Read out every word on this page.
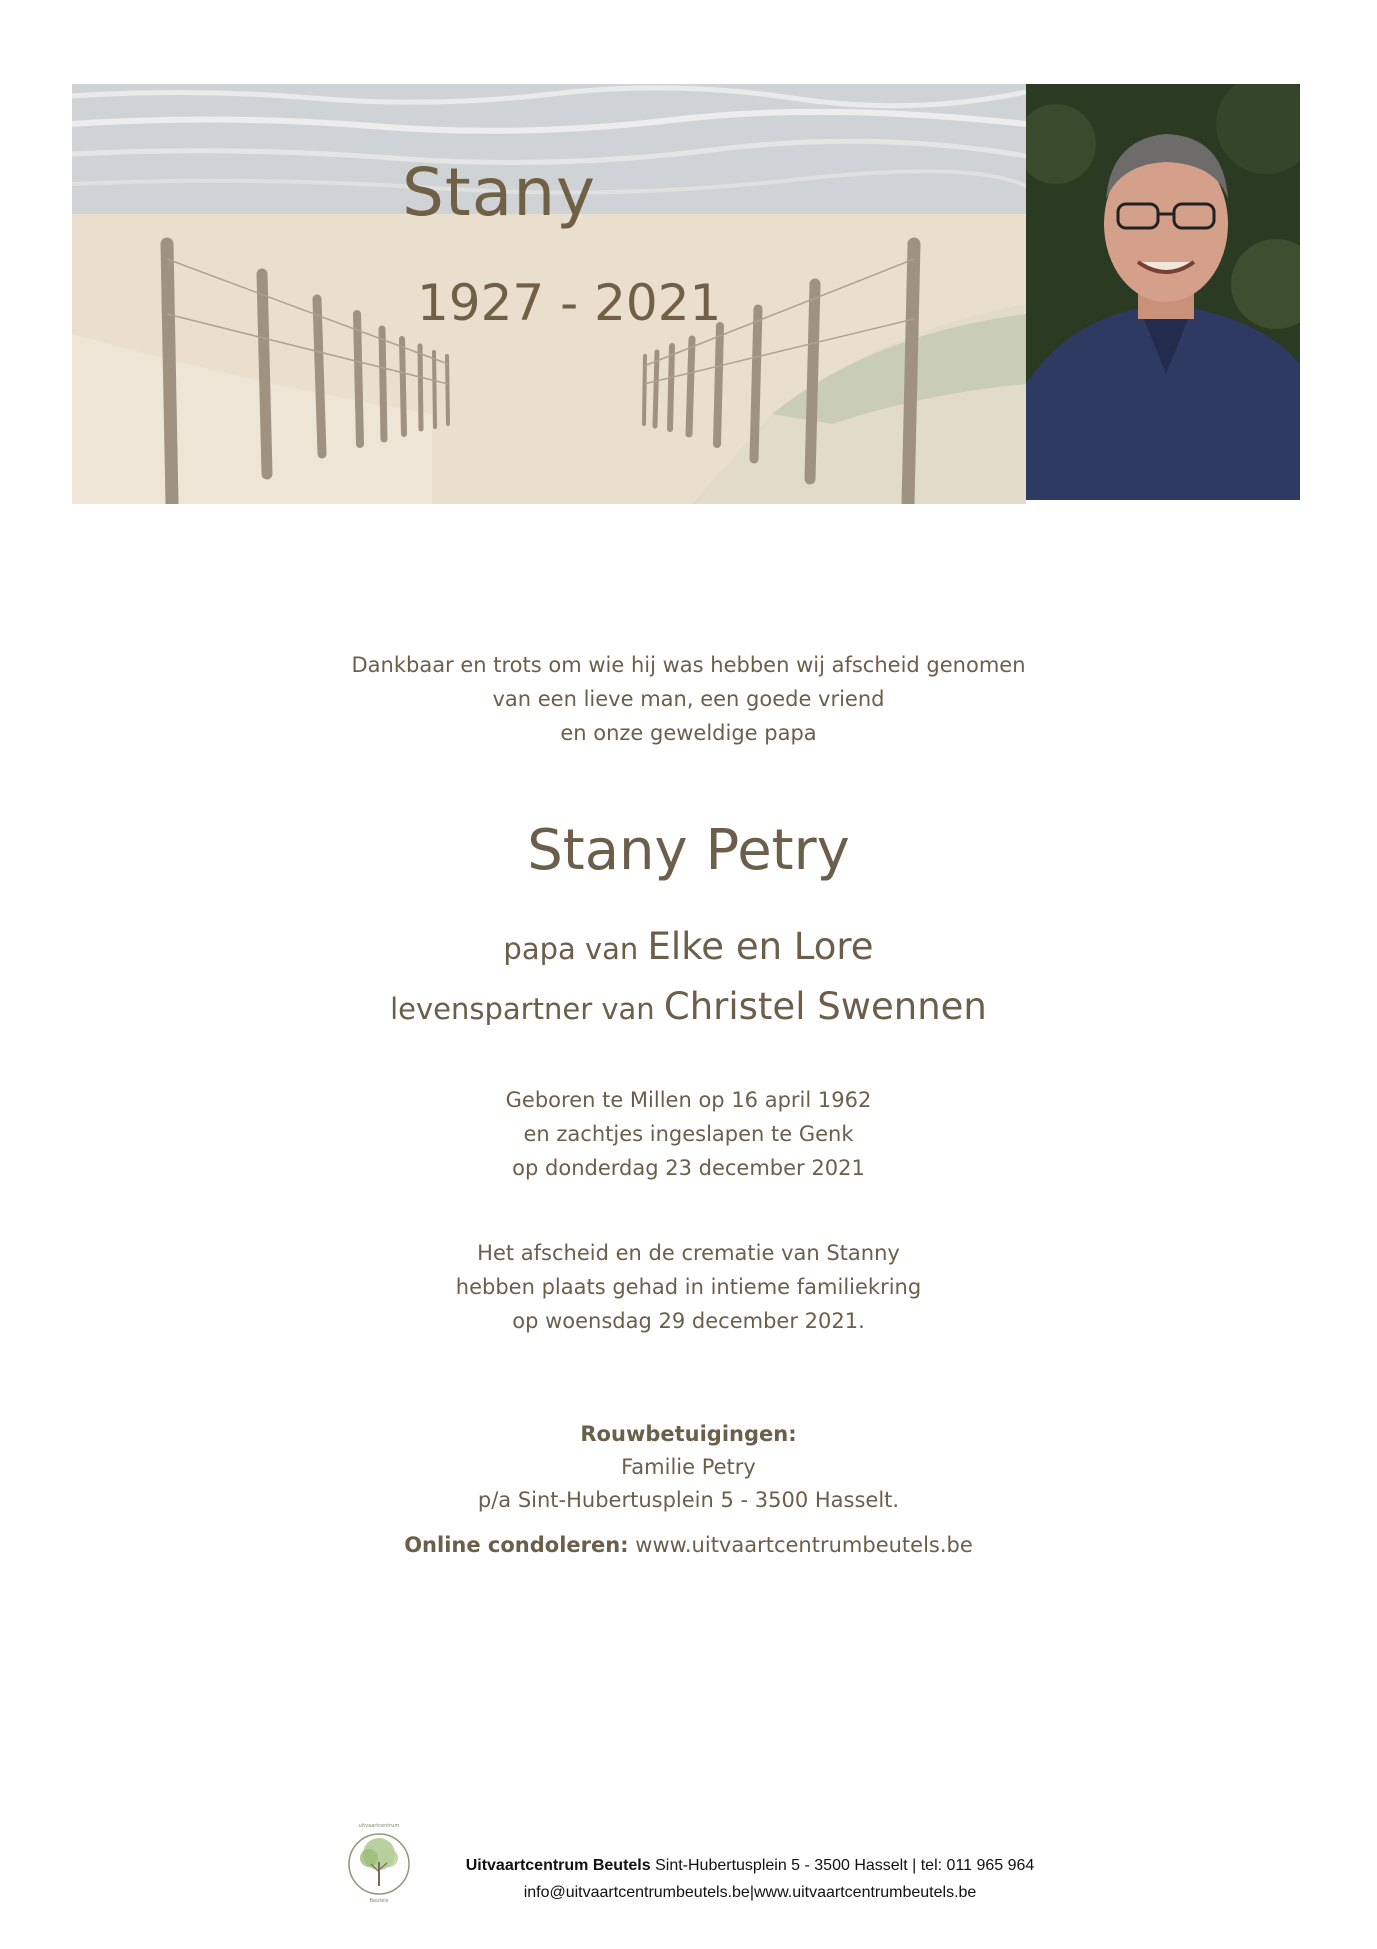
Stany
1927 - 2021
Dankbaar en trots om wie hij was hebben wij afscheid genomen
van een lieve man, een goede vriend
en onze geweldige papa
Stany Petry
papa van Elke en Lore
levenspartner van Christel Swennen
Geboren te Millen op 16 april 1962
en zachtjes ingeslapen te Genk
op donderdag 23 december 2021
Het afscheid en de crematie van Stanny
hebben plaats gehad in intieme familiekring
op woensdag 29 december 2021.
Rouwbetuigingen:
Familie Petry
p/a Sint-Hubertusplein 5 - 3500 Hasselt.
Online condoleren: www.uitvaartcentrumbeutels.be
uitvaartcentrum
Beutels
Uitvaartcentrum Beutels Sint-Hubertusplein 5 - 3500 Hasselt | tel: 011 965 964
info@uitvaartcentrumbeutels.be|www.uitvaartcentrumbeutels.be
